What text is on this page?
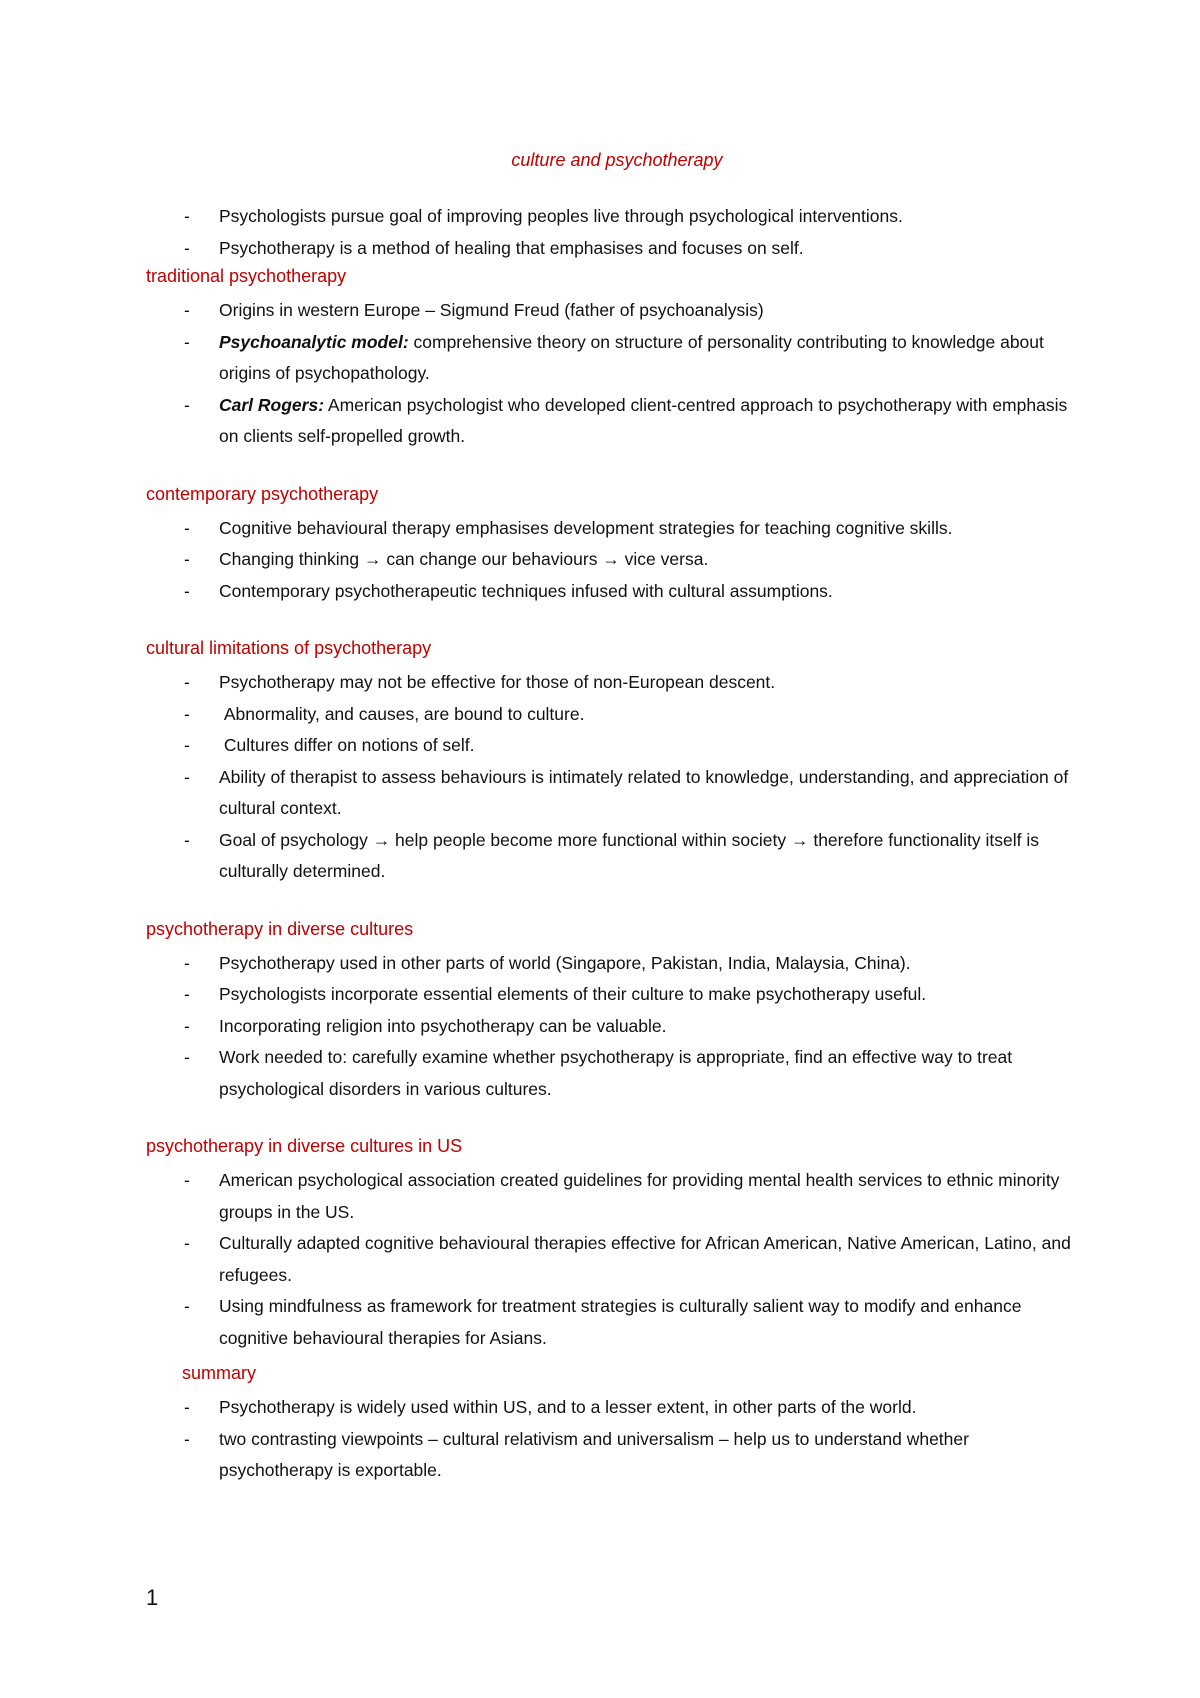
culture and psychotherapy
- Psychologists pursue goal of improving peoples live through psychological interventions.
- Psychotherapy is a method of healing that emphasises and focuses on self.
traditional psychotherapy
- Origins in western Europe – Sigmund Freud (father of psychoanalysis)
- Psychoanalytic model: comprehensive theory on structure of personality contributing to knowledge about origins of psychopathology.
- Carl Rogers: American psychologist who developed client-centred approach to psychotherapy with emphasis on clients self-propelled growth.
contemporary psychotherapy
- Cognitive behavioural therapy emphasises development strategies for teaching cognitive skills.
- Changing thinking → can change our behaviours → vice versa.
- Contemporary psychotherapeutic techniques infused with cultural assumptions.
cultural limitations of psychotherapy
- Psychotherapy may not be effective for those of non-European descent.
- Abnormality, and causes, are bound to culture.
- Cultures differ on notions of self.
- Ability of therapist to assess behaviours is intimately related to knowledge, understanding, and appreciation of cultural context.
- Goal of psychology → help people become more functional within society → therefore functionality itself is culturally determined.
psychotherapy in diverse cultures
- Psychotherapy used in other parts of world (Singapore, Pakistan, India, Malaysia, China).
- Psychologists incorporate essential elements of their culture to make psychotherapy useful.
- Incorporating religion into psychotherapy can be valuable.
- Work needed to: carefully examine whether psychotherapy is appropriate, find an effective way to treat psychological disorders in various cultures.
psychotherapy in diverse cultures in US
- American psychological association created guidelines for providing mental health services to ethnic minority groups in the US.
- Culturally adapted cognitive behavioural therapies effective for African American, Native American, Latino, and refugees.
- Using mindfulness as framework for treatment strategies is culturally salient way to modify and enhance cognitive behavioural therapies for Asians.
summary
- Psychotherapy is widely used within US, and to a lesser extent, in other parts of the world.
- two contrasting viewpoints – cultural relativism and universalism – help us to understand whether psychotherapy is exportable.
1
